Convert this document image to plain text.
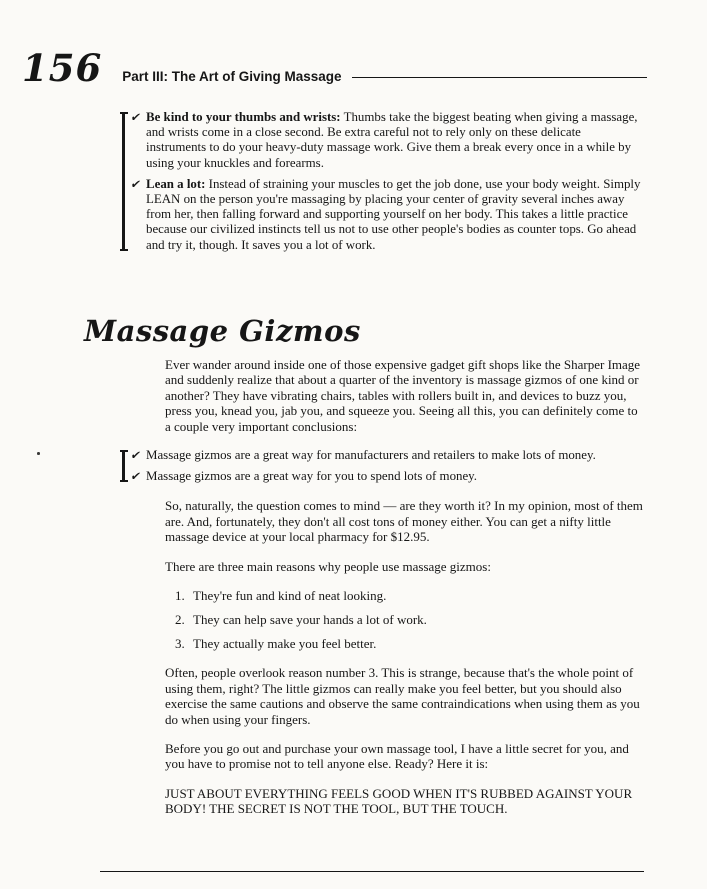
156 Part III: The Art of Giving Massage
✔ Be kind to your thumbs and wrists: Thumbs take the biggest beating when giving a massage, and wrists come in a close second. Be extra careful not to rely only on these delicate instruments to do your heavy-duty massage work. Give them a break every once in a while by using your knuckles and forearms.
✔ Lean a lot: Instead of straining your muscles to get the job done, use your body weight. Simply LEAN on the person you're massaging by placing your center of gravity several inches away from her, then falling forward and supporting yourself on her body. This takes a little practice because our civilized instincts tell us not to use other people's bodies as counter tops. Go ahead and try it, though. It saves you a lot of work.
Massage Gizmos

Ever wander around inside one of those expensive gadget gift shops like the Sharper Image and suddenly realize that about a quarter of the inventory is massage gizmos of one kind or another? They have vibrating chairs, tables with rollers built in, and devices to buzz you, press you, knead you, jab you, and squeeze you. Seeing all this, you can definitely come to a couple very important conclusions:

✔ Massage gizmos are a great way for manufacturers and retailers to make lots of money.
✔ Massage gizmos are a great way for you to spend lots of money.

So, naturally, the question comes to mind — are they worth it? In my opinion, most of them are. And, fortunately, they don't all cost tons of money either. You can get a nifty little massage device at your local pharmacy for $12.95.

There are three main reasons why people use massage gizmos:

1. They're fun and kind of neat looking.
2. They can help save your hands a lot of work.
3. They actually make you feel better.

Often, people overlook reason number 3. This is strange, because that's the whole point of using them, right? The little gizmos can really make you feel better, but you should also exercise the same cautions and observe the same contraindications when using them as you do when using your fingers.

Before you go out and purchase your own massage tool, I have a little secret for you, and you have to promise not to tell anyone else. Ready? Here it is:

JUST ABOUT EVERYTHING FEELS GOOD WHEN IT'S RUBBED AGAINST YOUR BODY! THE SECRET IS NOT THE TOOL, BUT THE TOUCH.
